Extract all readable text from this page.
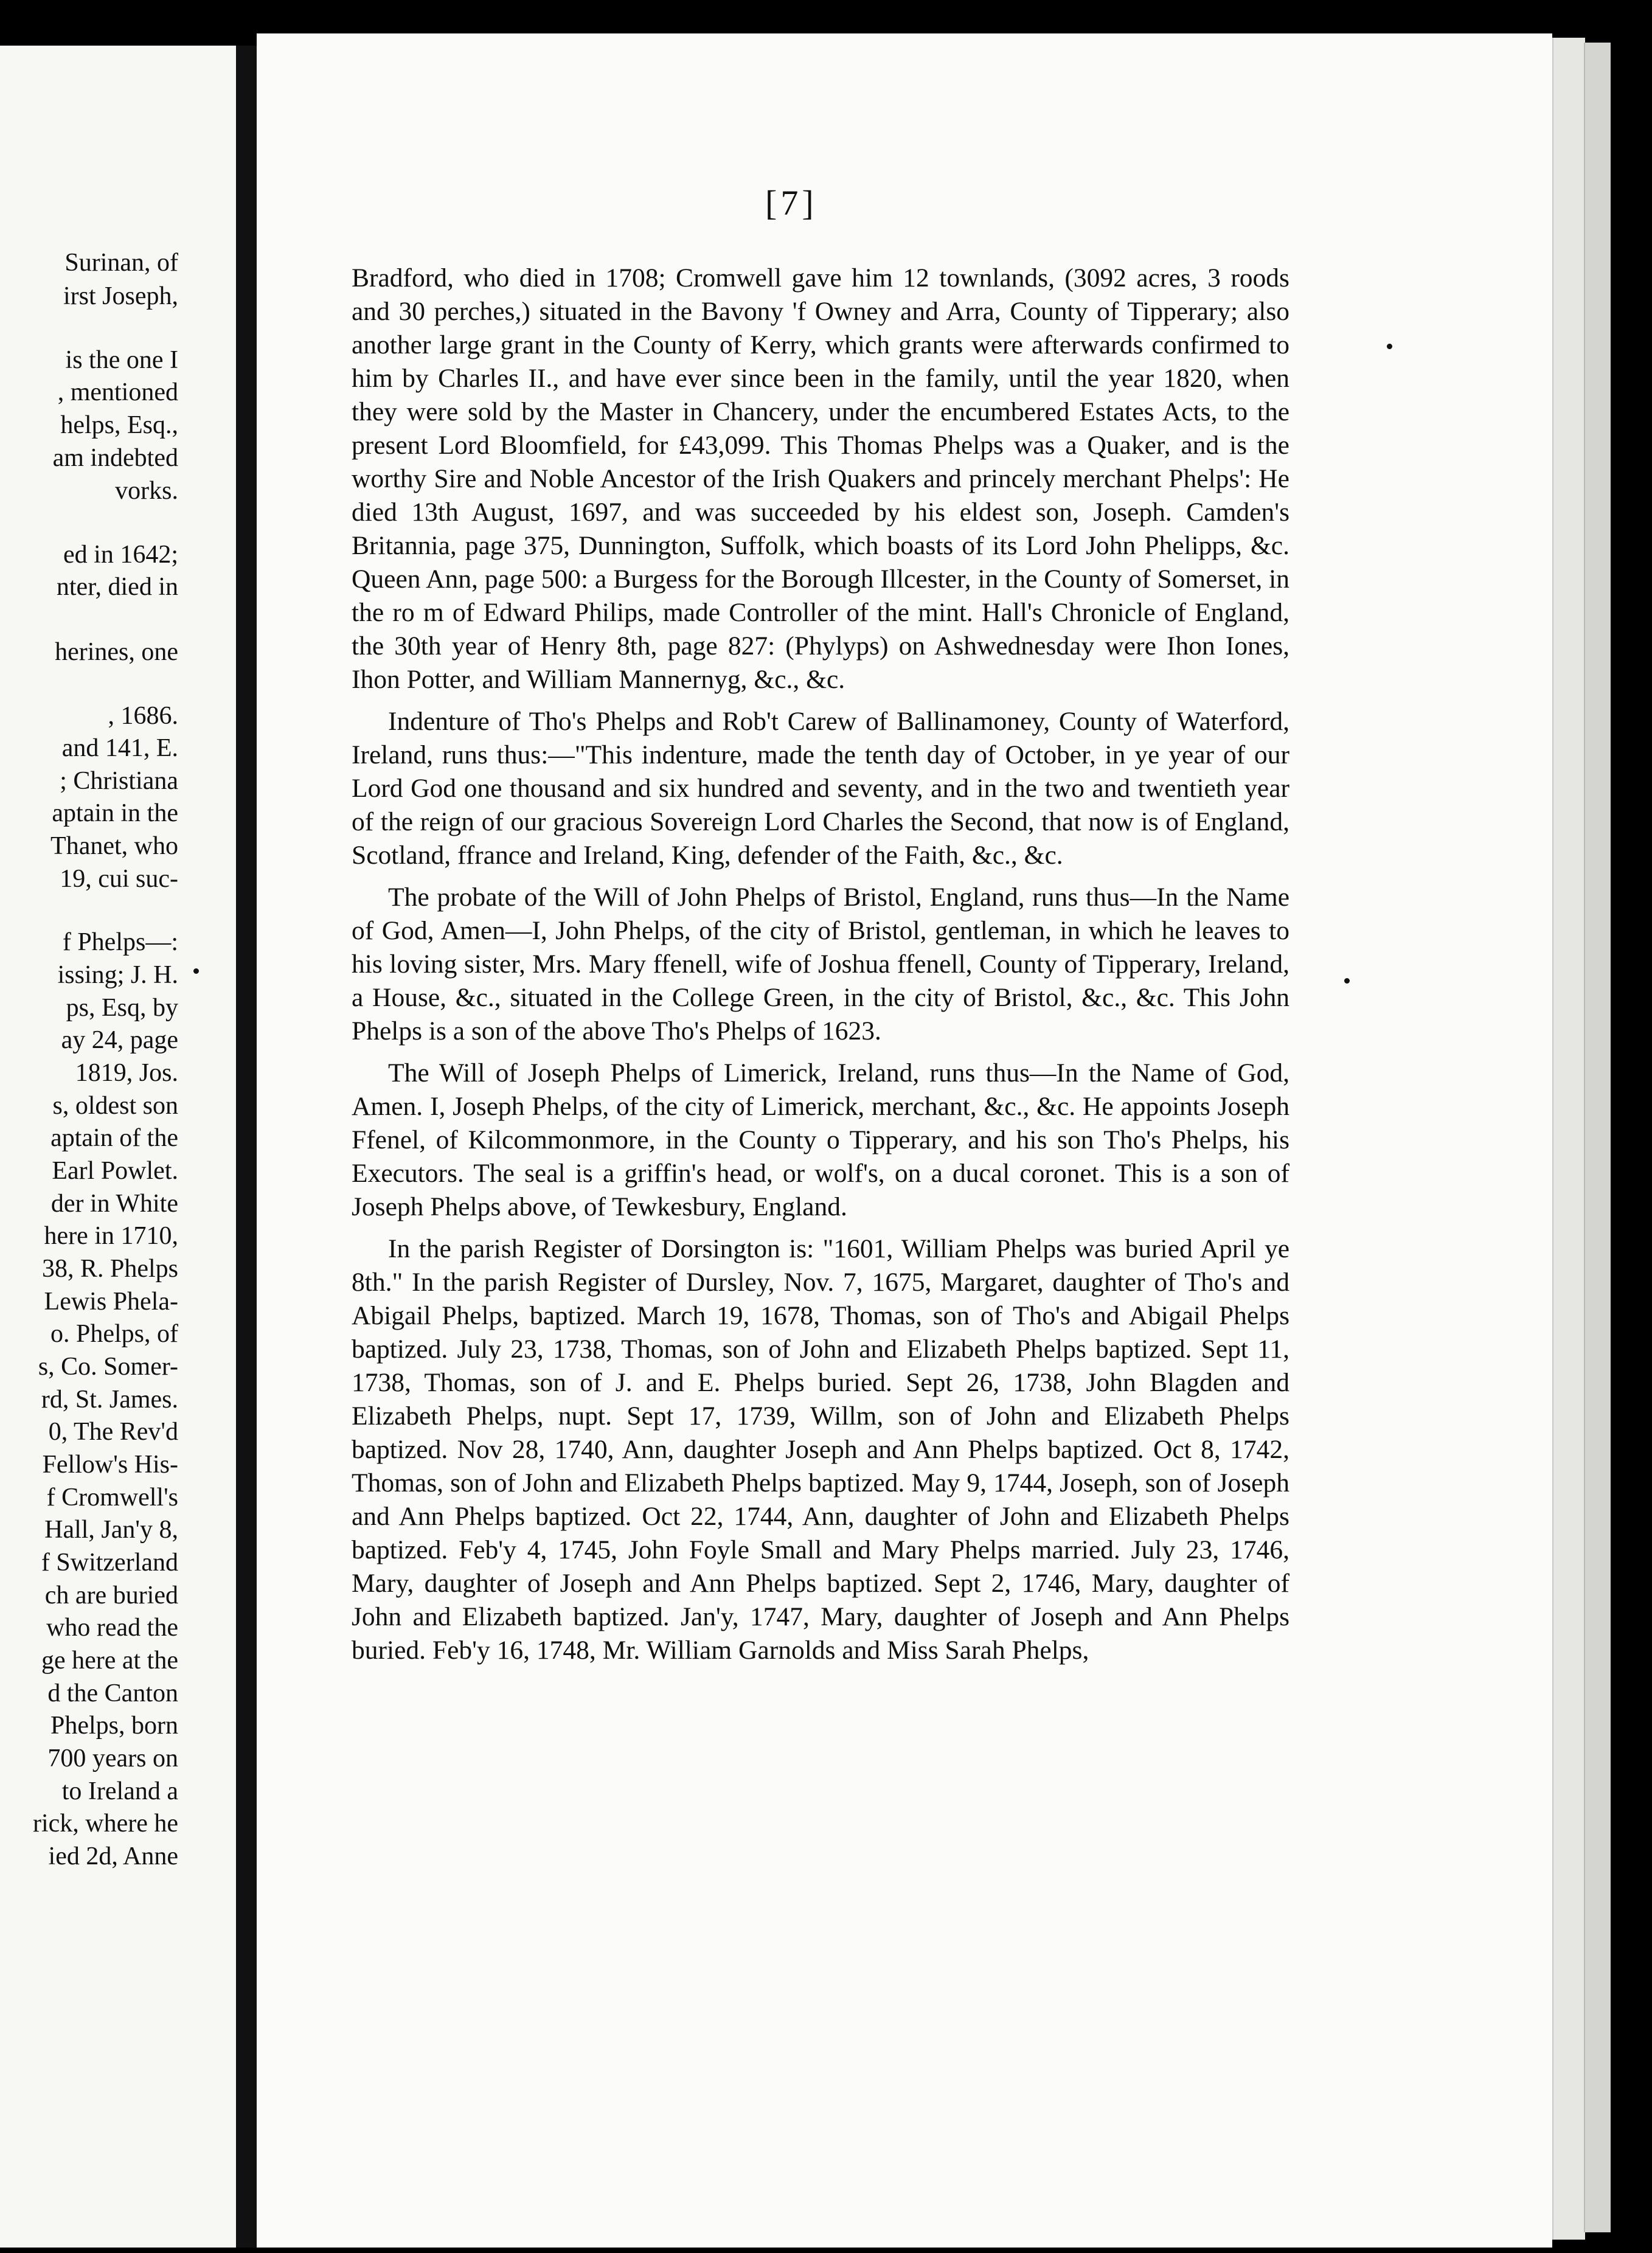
Surinan, of
irst Joseph,
is the one I
, mentioned
helps, Esq.,
am indebted
vorks.
ed in 1642;
nter, died in
herines, one
, 1686.
and 141, E.
; Christiana
aptain in the
Thanet, who
19, cui suc-
f Phelps—:
issing; J. H.
ps, Esq, by
ay 24, page
1819, Jos.
s, oldest son
aptain of the
Earl Powlet.
der in White
here in 1710,
38, R. Phelps
Lewis Phela-
o. Phelps, of
s, Co. Somer-
rd, St. James.
0, The Rev'd
Fellow's His-
f Cromwell's
Hall, Jan'y 8,
f Switzerland
ch are buried
who read the
ge here at the
d the Canton
Phelps, born
700 years on
to Ireland a
rick, where he
ied 2d, Anne
[7]

Bradford, who died in 1708; Cromwell gave him 12 townlands, (3092 acres, 3 roods and 30 perches,) situated in the Bavony 'f Owney and Arra, County of Tipperary; also another large grant in the County of Kerry, which grants were afterwards confirmed to him by Charles II., and have ever since been in the family, until the year 1820, when they were sold by the Master in Chancery, under the encumbered Estates Acts, to the present Lord Bloomfield, for £43,099. This Thomas Phelps was a Quaker, and is the worthy Sire and Noble Ancestor of the Irish Quakers and princely merchant Phelps': He died 13th August, 1697, and was succeeded by his eldest son, Joseph. Camden's Britannia, page 375, Dunnington, Suffolk, which boasts of its Lord John Phelipps, &c. Queen Ann, page 500: a Burgess for the Borough Illcester, in the County of Somerset, in the ro m of Edward Philips, made Controller of the mint. Hall's Chronicle of England, the 30th year of Henry 8th, page 827: (Phylyps) on Ashwednesday were Ihon Iones, Ihon Potter, and William Mannernyg, &c., &c.

Indenture of Tho's Phelps and Rob't Carew of Ballinamoney, County of Waterford, Ireland, runs thus:—"This indenture, made the tenth day of October, in ye year of our Lord God one thousand and six hundred and seventy, and in the two and twentieth year of the reign of our gracious Sovereign Lord Charles the Second, that now is of England, Scotland, ffrance and Ireland, King, defender of the Faith, &c., &c.

The probate of the Will of John Phelps of Bristol, England, runs thus—In the Name of God, Amen—I, John Phelps, of the city of Bristol, gentleman, in which he leaves to his loving sister, Mrs. Mary ffenell, wife of Joshua ffenell, County of Tipperary, Ireland, a House, &c., situated in the College Green, in the city of Bristol, &c., &c. This John Phelps is a son of the above Tho's Phelps of 1623.

The Will of Joseph Phelps of Limerick, Ireland, runs thus—In the Name of God, Amen. I, Joseph Phelps, of the city of Limerick, merchant, &c., &c. He appoints Joseph Ffenel, of Kilcommonmore, in the County o Tipperary, and his son Tho's Phelps, his Executors. The seal is a griffin's head, or wolf's, on a ducal coronet. This is a son of Joseph Phelps above, of Tewkesbury, England.

In the parish Register of Dorsington is: "1601, William Phelps was buried April ye 8th." In the parish Register of Dursley, Nov. 7, 1675, Margaret, daughter of Tho's and Abigail Phelps, baptized. March 19, 1678, Thomas, son of Tho's and Abigail Phelps baptized. July 23, 1738, Thomas, son of John and Elizabeth Phelps baptized. Sept 11, 1738, Thomas, son of J. and E. Phelps buried. Sept 26, 1738, John Blagden and Elizabeth Phelps, nupt. Sept 17, 1739, Willm, son of John and Elizabeth Phelps baptized. Nov 28, 1740, Ann, daughter Joseph and Ann Phelps baptized. Oct 8, 1742, Thomas, son of John and Elizabeth Phelps baptized. May 9, 1744, Joseph, son of Joseph and Ann Phelps baptized. Oct 22, 1744, Ann, daughter of John and Elizabeth Phelps baptized. Feb'y 4, 1745, John Foyle Small and Mary Phelps married. July 23, 1746, Mary, daughter of Joseph and Ann Phelps baptized. Sept 2, 1746, Mary, daughter of John and Elizabeth baptized. Jan'y, 1747, Mary, daughter of Joseph and Ann Phelps buried. Feb'y 16, 1748, Mr. William Garnolds and Miss Sarah Phelps,
